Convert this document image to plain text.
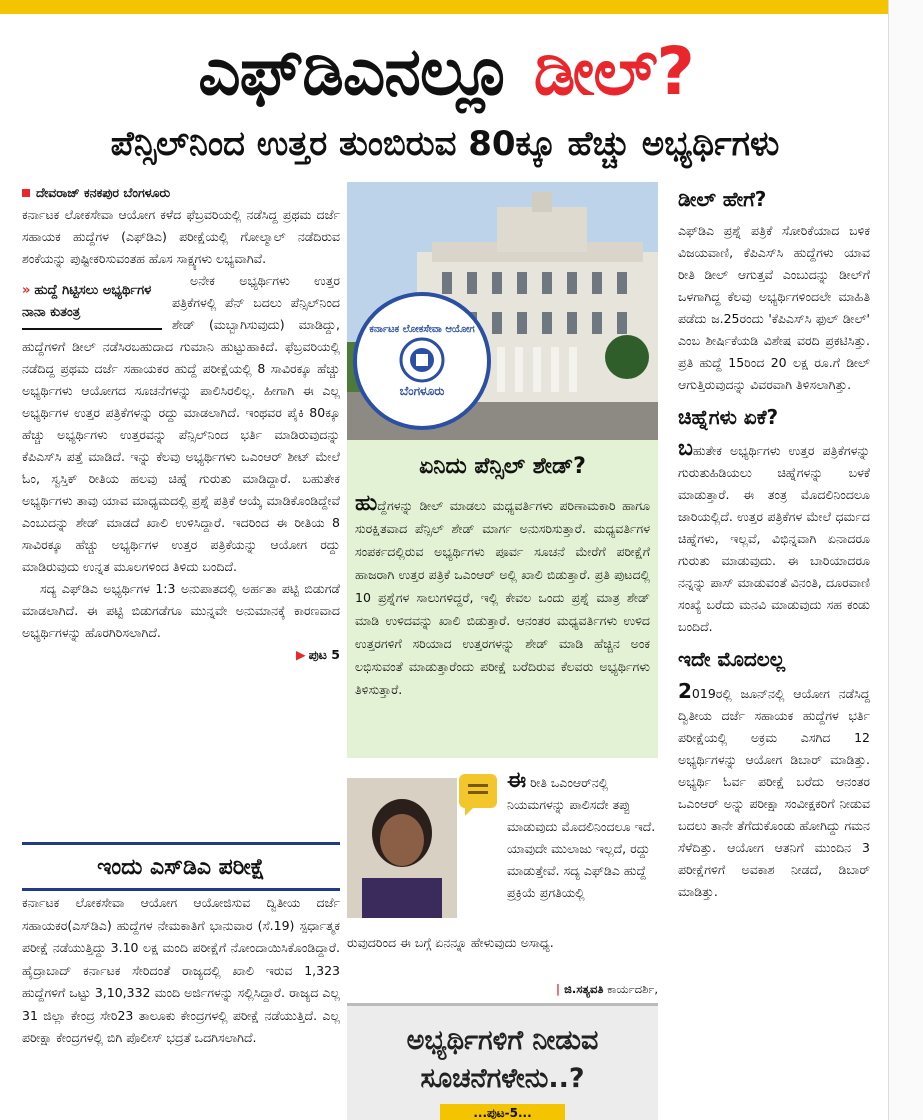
ಎಫ್‌ಡಿಎನಲ್ಲೂ ಡೀಲ್?
ಪೆನ್ಸಿಲ್‌ನಿಂದ ಉತ್ತರ ತುಂಬಿರುವ 80ಕ್ಕೂ ಹೆಚ್ಚು ಅಭ್ಯರ್ಥಿಗಳು
ದೇವರಾಜ್ ಕನಕಪುರ ಬೆಂಗಳೂರು

ಕರ್ನಾಟಕ ಲೋಕಸೇವಾ ಆಯೋಗ ಕಳೆದ ಫೆಬ್ರವರಿಯಲ್ಲಿ ನಡೆಸಿದ್ದ ಪ್ರಥಮ ದರ್ಜೆ ಸಹಾಯಕ ಹುದ್ದೆಗಳ (ಎಫ್‌ಡಿಎ) ಪರೀಕ್ಷೆಯಲ್ಲಿ ಗೋಲ್ಮಾಲ್ ನಡೆದಿರುವ ಶಂಕೆಯನ್ನು ಪುಷ್ಟೀಕರಿಸುವಂತಹ ಹೊಸ ಸಾಕ್ಷ್ಯಗಳು ಲಭ್ಯವಾಗಿವೆ.

» ಹುದ್ದೆ ಗಿಟ್ಟಿಸಲು ಅಭ್ಯರ್ಥಿಗಳ ನಾನಾ ಕುತಂತ್ರ

ಅನೇಕ ಅಭ್ಯರ್ಥಿಗಳು ಉತ್ತರ ಪತ್ರಿಕೆಗಳಲ್ಲಿ ಪೆನ್ ಬದಲು ಪೆನ್ಸಿಲ್‌ನಿಂದ ಶೇಡ್ (ಮಬ್ಬಾಗಿಸುವುದು) ಮಾಡಿದ್ದು, ಹುದ್ದೆಗಳಿಗೆ ಡೀಲ್ ನಡೆಸಿರಬಹುದಾದ ಗುಮಾನಿ ಹುಟ್ಟುಹಾಕಿದೆ. ಫೆಬ್ರವರಿಯಲ್ಲಿ ನಡೆದಿದ್ದ ಪ್ರಥಮ ದರ್ಜೆ ಸಹಾಯಕರ ಹುದ್ದೆ ಪರೀಕ್ಷೆಯಲ್ಲಿ 8 ಸಾವಿರಕ್ಕೂ ಹೆಚ್ಚು ಅಭ್ಯರ್ಥಿಗಳು ಆಯೋಗದ ಸೂಚನೆಗಳನ್ನು ಪಾಲಿಸಿರಲಿಲ್ಲ. ಹೀಗಾಗಿ ಈ ಎಲ್ಲ ಅಭ್ಯರ್ಥಿಗಳ ಉತ್ತರ ಪತ್ರಿಕೆಗಳನ್ನು ರದ್ದು ಮಾಡಲಾಗಿದೆ. ಇಂಥವರ ಪೈಕಿ 80ಕ್ಕೂ ಹೆಚ್ಚು ಅಭ್ಯರ್ಥಿಗಳು ಉತ್ತರವನ್ನು ಪೆನ್ಸಿಲ್‌ನಿಂದ ಭರ್ತಿ ಮಾಡಿರುವುದನ್ನು ಕೆಪಿಎಸ್‌ಸಿ ಪತ್ತೆ ಮಾಡಿದೆ. ಇನ್ನು ಕೆಲವು ಅಭ್ಯರ್ಥಿಗಳು ಒಎಂಆರ್ ಶೀಟ್ ಮೇಲೆ ಓಂ, ಸ್ವಸ್ತಿಕ್ ರೀತಿಯ ಹಲವು ಚಿಹ್ನೆ ಗುರುತು ಮಾಡಿದ್ದಾರೆ. ಬಹುತೇಕ ಅಭ್ಯರ್ಥಿಗಳು ತಾವು ಯಾವ ಮಾಧ್ಯಮದಲ್ಲಿ ಪ್ರಶ್ನೆ ಪತ್ರಿಕೆ ಆಯ್ಕೆ ಮಾಡಿಕೊಂಡಿದ್ದೇವೆ ಎಂಬುದನ್ನು ಶೇಡ್ ಮಾಡದೆ ಖಾಲಿ ಉಳಿಸಿದ್ದಾರೆ. ಇದರಿಂದ ಈ ರೀತಿಯ 8 ಸಾವಿರಕ್ಕೂ ಹೆಚ್ಚು ಅಭ್ಯರ್ಥಿಗಳ ಉತ್ತರ ಪತ್ರಿಕೆಯನ್ನು ಆಯೋಗ ರದ್ದು ಮಾಡಿರುವುದು ಉನ್ನತ ಮೂಲಗಳಿಂದ ತಿಳಿದು ಬಂದಿದೆ.

ಸದ್ಯ ಎಫ್‌ಡಿಎ ಅಭ್ಯರ್ಥಿಗಳ 1:3 ಅನುಪಾತದಲ್ಲಿ ಅರ್ಹತಾ ಪಟ್ಟಿ ಬಿಡುಗಡೆ ಮಾಡಲಾಗಿದೆ. ಈ ಪಟ್ಟಿ ಬಿಡುಗಡೆಗೂ ಮುನ್ನವೇ ಅನುಮಾನಕ್ಕೆ ಕಾರಣವಾದ ಅಭ್ಯರ್ಥಿಗಳನ್ನು ಹೊರಗಿರಿಸಲಾಗಿದೆ.

▶ ಪುಟ 5
ಇಂದು ಎಸ್‌ಡಿಎ ಪರೀಕ್ಷೆ
ಕರ್ನಾಟಕ ಲೋಕಸೇವಾ ಆಯೋಗ ಆಯೋಜಿಸುವ ದ್ವಿತೀಯ ದರ್ಜೆ ಸಹಾಯಕರ(ಎಸ್‌ಡಿಎ) ಹುದ್ದೆಗಳ ನೇಮಕಾತಿಗೆ ಭಾನುವಾರ (ಸೆ.19) ಸ್ಪರ್ಧಾತ್ಮಕ ಪರೀಕ್ಷೆ ನಡೆಯುತ್ತಿದ್ದು 3.10 ಲಕ್ಷ ಮಂದಿ ಪರೀಕ್ಷೆಗೆ ನೋಂದಾಯಿಸಿಕೊಂಡಿದ್ದಾರೆ. ಹೈದ್ರಾಬಾದ್ ಕರ್ನಾಟಕ ಸೇರಿದಂತೆ ರಾಜ್ಯದಲ್ಲಿ ಖಾಲಿ ಇರುವ 1,323 ಹುದ್ದೆಗಳಿಗೆ ಒಟ್ಟು 3,10,332 ಮಂದಿ ಅರ್ಜಿಗಳನ್ನು ಸಲ್ಲಿಸಿದ್ದಾರೆ. ರಾಜ್ಯದ ಎಲ್ಲ 31 ಜಿಲ್ಲಾ ಕೇಂದ್ರ ಸೇರಿ23 ತಾಲೂಕು ಕೇಂದ್ರಗಳಲ್ಲಿ ಪರೀಕ್ಷೆ ನಡೆಯುತ್ತಿದೆ. ಎಲ್ಲ ಪರೀಕ್ಷಾ ಕೇಂದ್ರಗಳಲ್ಲಿ ಬಿಗಿ ಪೊಲೀಸ್ ಭದ್ರತೆ ಒದಗಿಸಲಾಗಿದೆ.
ಕರ್ನಾಟಕ ಲೋಕಸೇವಾ ಆಯೋಗ
ಬೆಂಗಳೂರು
ಏನಿದು ಪೆನ್ಸಿಲ್ ಶೇಡ್?
ಹುದ್ದೆಗಳನ್ನು ಡೀಲ್ ಮಾಡಲು ಮಧ್ಯವರ್ತಿಗಳು ಪರಿಣಾಮಕಾರಿ ಹಾಗೂ ಸುರಕ್ಷಿತವಾದ ಪೆನ್ಸಿಲ್ ಶೇಡ್ ಮಾರ್ಗ ಅನುಸರಿಸುತ್ತಾರೆ. ಮಧ್ಯವರ್ತಿಗಳ ಸಂಪರ್ಕದಲ್ಲಿರುವ ಅಭ್ಯರ್ಥಿಗಳು ಪೂರ್ವ ಸೂಚನೆ ಮೇರೆಗೆ ಪರೀಕ್ಷೆಗೆ ಹಾಜರಾಗಿ ಉತ್ತರ ಪತ್ರಿಕೆ ಒಎಂಆರ್ ಅಲ್ಲಿ ಖಾಲಿ ಬಿಡುತ್ತಾರೆ. ಪ್ರತಿ ಪುಟದಲ್ಲಿ 10 ಪ್ರಶ್ನೆಗಳ ಸಾಲುಗಳಿದ್ದರೆ, ಇಲ್ಲಿ ಕೇವಲ ಒಂದು ಪ್ರಶ್ನೆ ಮಾತ್ರ ಶೇಡ್ ಮಾಡಿ ಉಳಿದವನ್ನು ಖಾಲಿ ಬಿಡುತ್ತಾರೆ. ಆನಂತರ ಮಧ್ಯವರ್ತಿಗಳು ಉಳಿದ ಉತ್ತರಗಳಿಗೆ ಸರಿಯಾದ ಉತ್ತರಗಳನ್ನು ಶೇಡ್ ಮಾಡಿ ಹೆಚ್ಚಿನ ಅಂಕ ಲಭಿಸುವಂತೆ ಮಾಡುತ್ತಾರೆಂದು ಪರೀಕ್ಷೆ ಬರೆದಿರುವ ಕೆಲವರು ಅಭ್ಯರ್ಥಿಗಳು ತಿಳಿಸುತ್ತಾರೆ.
ಈ ರೀತಿ ಒಎಂಆರ್‌ನಲ್ಲಿ ನಿಯಮಗಳನ್ನು ಪಾಲಿಸದೇ ತಪ್ಪು ಮಾಡುವುದು ಮೊದಲಿನಿಂದಲೂ ಇದೆ. ಯಾವುದೇ ಮುಲಾಜು ಇಲ್ಲದೆ, ರದ್ದು ಮಾಡುತ್ತೇವೆ. ಸದ್ಯ ಎಫ್‌ಡಿಎ ಹುದ್ದೆ ಪ್ರಕ್ರಿಯೆ ಪ್ರಗತಿಯಲ್ಲಿ
ರುವುದರಿಂದ ಈ ಬಗ್ಗೆ ಏನನ್ನೂ ಹೇಳುವುದು ಅಸಾಧ್ಯ.
| ಜಿ.ಸತ್ಯವತಿ ಕಾರ್ಯದರ್ಶಿ,
ಅಭ್ಯರ್ಥಿಗಳಿಗೆ ನೀಡುವ ಸೂಚನೆಗಳೇನು..?
...ಪುಟ-5...
ಡೀಲ್ ಹೇಗೆ?
ಎಫ್‌ಡಿಎ ಪ್ರಶ್ನೆ ಪತ್ರಿಕೆ ಸೋರಿಕೆಯಾದ ಬಳಿಕ ವಿಜಯವಾಣಿ, ಕೆಪಿಎಸ್‌ಸಿ ಹುದ್ದೆಗಳು ಯಾವ ರೀತಿ ಡೀಲ್ ಆಗುತ್ತವೆ ಎಂಬುದನ್ನು ಡೀಲ್‌ಗೆ ಒಳಗಾಗಿದ್ದ ಕೆಲವು ಅಭ್ಯರ್ಥಿಗಳಿಂದಲೇ ಮಾಹಿತಿ ಪಡೆದು ಜ.25ರಂದು 'ಕೆಪಿಎಸ್‌ಸಿ ಫುಲ್ ಡೀಲ್' ಎಂಬ ಶೀರ್ಷಿಕೆಯಡಿ ವಿಶೇಷ ವರದಿ ಪ್ರಕಟಿಸಿತ್ತು. ಪ್ರತಿ ಹುದ್ದೆ 15ರಿಂದ 20 ಲಕ್ಷ ರೂ.ಗೆ ಡೀಲ್ ಆಗುತ್ತಿರುವುದನ್ನು ವಿವರವಾಗಿ ತಿಳಿಸಲಾಗಿತ್ತು.
ಚಿಹ್ನೆಗಳು ಏಕೆ?
ಬಹುತೇಕ ಅಭ್ಯರ್ಥಿಗಳು ಉತ್ತರ ಪತ್ರಿಕೆಗಳನ್ನು ಗುರುತುಹಿಡಿಯಲು ಚಿಹ್ನೆಗಳನ್ನು ಬಳಕೆ ಮಾಡುತ್ತಾರೆ. ಈ ತಂತ್ರ ಮೊದಲಿನಿಂದಲೂ ಜಾರಿಯಲ್ಲಿದೆ. ಉತ್ತರ ಪತ್ರಿಕೆಗಳ ಮೇಲೆ ಧರ್ಮದ ಚಿಹ್ನೆಗಳು, ಇಲ್ಲವೆ, ವಿಭಿನ್ನವಾಗಿ ಏನಾದರೂ ಗುರುತು ಮಾಡುವುದು. ಈ ಬಾರಿಯಾದರೂ ನನ್ನನ್ನು ಪಾಸ್ ಮಾಡುವಂತೆ ವಿನಂತಿ, ದೂರವಾಣಿ ಸಂಖ್ಯೆ ಬರೆದು ಮನವಿ ಮಾಡುವುದು ಸಹ ಕಂಡು ಬಂದಿದೆ.
ಇದೇ ಮೊದಲಲ್ಲ
2019ರಲ್ಲಿ ಜೂನ್‌ನಲ್ಲಿ ಆಯೋಗ ನಡೆಸಿದ್ದ ದ್ವಿತೀಯ ದರ್ಜೆ ಸಹಾಯಕ ಹುದ್ದೆಗಳ ಭರ್ತಿ ಪರೀಕ್ಷೆಯಲ್ಲಿ ಅಕ್ರಮ ಎಸಗಿದ 12 ಅಭ್ಯರ್ಥಿಗಳನ್ನು ಆಯೋಗ ಡಿಬಾರ್ ಮಾಡಿತ್ತು. ಅಭ್ಯರ್ಥಿ ಓರ್ವ ಪರೀಕ್ಷೆ ಬರೆದು ಆನಂತರ ಒಎಂಆರ್ ಅನ್ನು ಪರೀಕ್ಷಾ ಸಂವೀಕ್ಷಕರಿಗೆ ನೀಡುವ ಬದಲು ತಾನೇ ತೆಗೆದುಕೊಂಡು ಹೋಗಿದ್ದು ಗಮನ ಸೆಳೆದಿತ್ತು. ಆಯೋಗ ಆತನಿಗೆ ಮುಂದಿನ 3 ಪರೀಕ್ಷೆಗಳಿಗೆ ಅವಕಾಶ ನೀಡದೆ, ಡಿಬಾರ್ ಮಾಡಿತ್ತು.
